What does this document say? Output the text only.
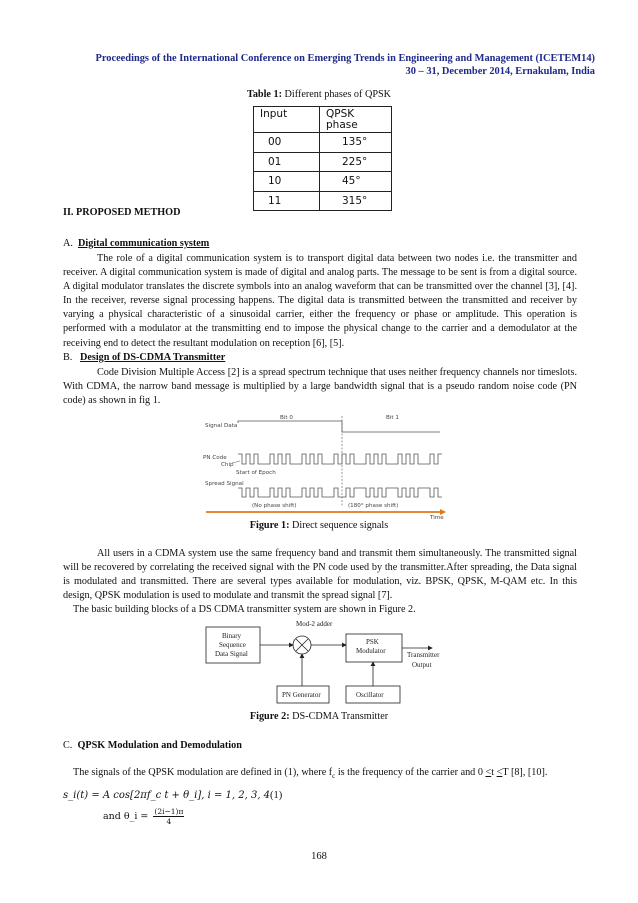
Proceedings of the International Conference on Emerging Trends in Engineering and Management (ICETEM14)
30 – 31, December 2014, Ernakulam, India
Table 1: Different phases of QPSK
Input	QPSK
phase
00	135°
01	225°
10	45°
11	315°
II. PROPOSED METHOD
A. Digital communication system
The role of a digital communication system is to transport digital data between two nodes i.e. the transmitter and receiver. A digital communication system is made of digital and analog parts. The message to be sent is from a digital source. A digital modulator translates the discrete symbols into an analog waveform that can be transmitted over the channel [3], [4]. In the receiver, reverse signal processing happens. The digital data is transmitted between the transmitted and receiver by varying a physical characteristic of a sinusoidal carrier, either the frequency or phase or amplitude. This operation is performed with a modulator at the transmitting end to impose the physical change to the carrier and a demodulator at the receiving end to detect the resultant modulation on reception [6], [5].
B. Design of DS-CDMA Transmitter
Code Division Multiple Access [2] is a spread spectrum technique that uses neither frequency channels nor timeslots. With CDMA, the narrow band message is multiplied by a large bandwidth signal that is a pseudo random noise code (PN code) as shown in fig 1.
Signal Data
Bit 0	Bit 1
PN Code
Chip
Start of Epoch
Spread Signal
(No phase shift)	(180° phase shift)
Time
Figure 1: Direct sequence signals
All users in a CDMA system use the same frequency band and transmit them simultaneously. The transmitted signal will be recovered by correlating the received signal with the PN code used by the transmitter.After spreading, the Data signal is modulated and transmitted. There are several types available for modulation, viz. BPSK, QPSK, M-QAM etc. In this design, QPSK modulation is used to modulate and transmit the spread signal [7].
The basic building blocks of a DS CDMA transmitter system are shown in Figure 2.
Mod-2 adder
Binary
Sequence
Data Signal
PSK
Modulator	Transmitter
Output
PN Generator	Oscillator
Figure 2: DS-CDMA Transmitter
C. QPSK Modulation and Demodulation
The signals of the QPSK modulation are defined in (1), where $f_c$ is the frequency of the carrier and 0 <t <T [8], [10].
s_i(t) = A cos[2πf_c t + θ_i], i = 1, 2, 3, 4 (1)
and θ_i = $\frac{(2i-1)\pi}{4}$
168
